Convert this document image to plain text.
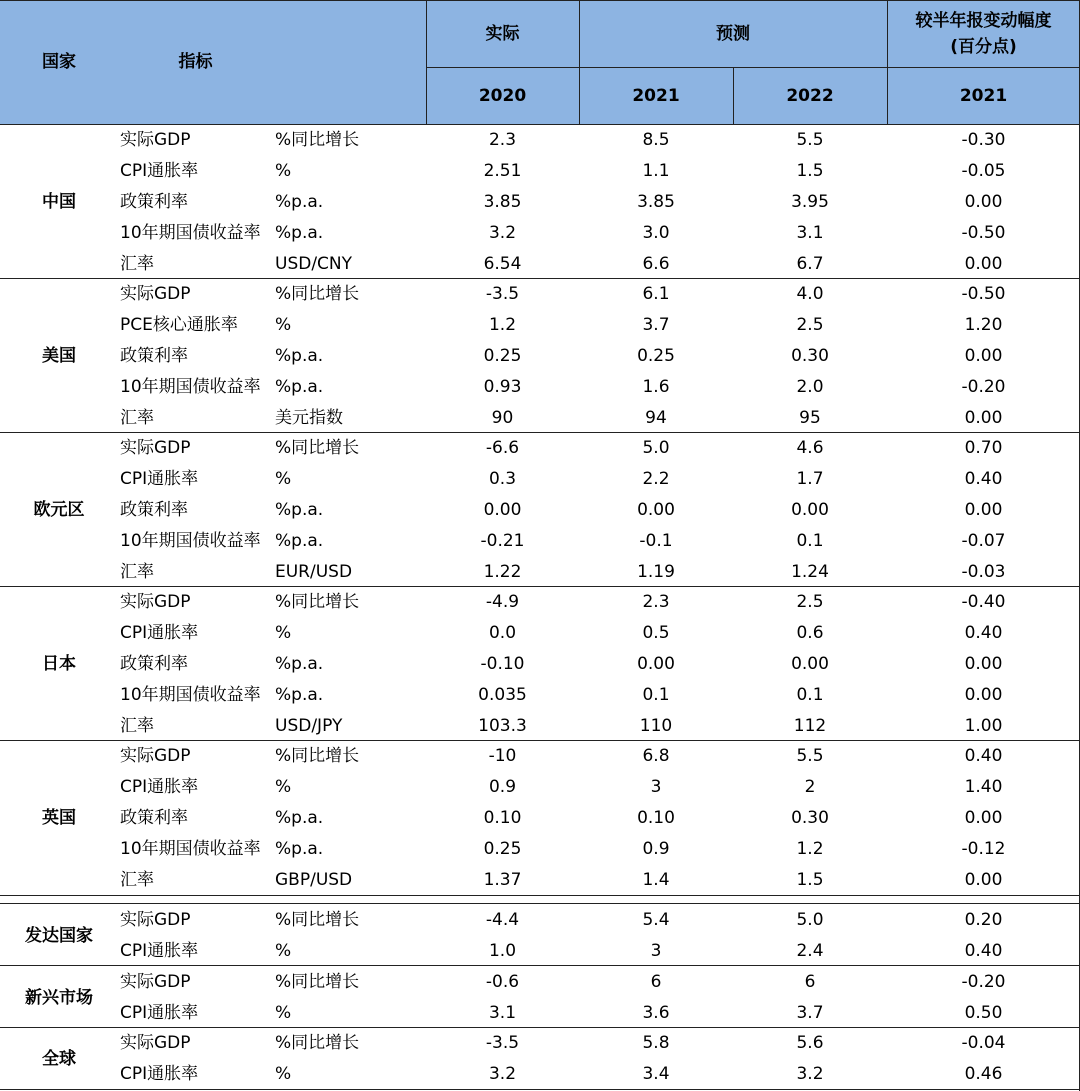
国家	指标
实际	预测
较半年报变动幅度
(百分点)
2020	2021	2022	2021
中国
实际GDP	%同比增长	2.3	8.5	5.5	-0.30
CPI通胀率	%	2.51	1.1	1.5	-0.05
政策利率	%p.a.	3.85	3.85	3.95	0.00
10年期国债收益率 %p.a.	3.2	3.0	3.1	-0.50
汇率	USD/CNY	6.54	6.6	6.7	0.00
美国
实际GDP	%同比增长	-3.5	6.1	4.0	-0.50
PCE核心通胀率	%	1.2	3.7	2.5	1.20
政策利率	%p.a.	0.25	0.25	0.30	0.00
10年期国债收益率 %p.a.	0.93	1.6	2.0	-0.20
汇率	美元指数	90	94	95	0.00
欧元区
实际GDP	%同比增长	-6.6	5.0	4.6	0.70
CPI通胀率	%	0.3	2.2	1.7	0.40
政策利率	%p.a.	0.00	0.00	0.00	0.00
10年期国债收益率 %p.a.	-0.21	-0.1	0.1	-0.07
汇率	EUR/USD	1.22	1.19	1.24	-0.03
日本
实际GDP	%同比增长	-4.9	2.3	2.5	-0.40
CPI通胀率	%	0.0	0.5	0.6	0.40
政策利率	%p.a.	-0.10	0.00	0.00	0.00
10年期国债收益率 %p.a.	0.035	0.1	0.1	0.00
汇率	USD/JPY	103.3	110	112	1.00
英国
实际GDP	%同比增长	-10	6.8	5.5	0.40
CPI通胀率	%	0.9	3	2	1.40
政策利率	%p.a.	0.10	0.10	0.30	0.00
10年期国债收益率 %p.a.	0.25	0.9	1.2	-0.12
汇率	GBP/USD	1.37	1.4	1.5	0.00
发达国家
实际GDP	%同比增长	-4.4	5.4	5.0	0.20
CPI通胀率	%	1.0	3	2.4	0.40
新兴市场
实际GDP	%同比增长	-0.6	6	6	-0.20
CPI通胀率	%	3.1	3.6	3.7	0.50
全球
实际GDP	%同比增长	-3.5	5.8	5.6	-0.04
CPI通胀率	%	3.2	3.4	3.2	0.46
